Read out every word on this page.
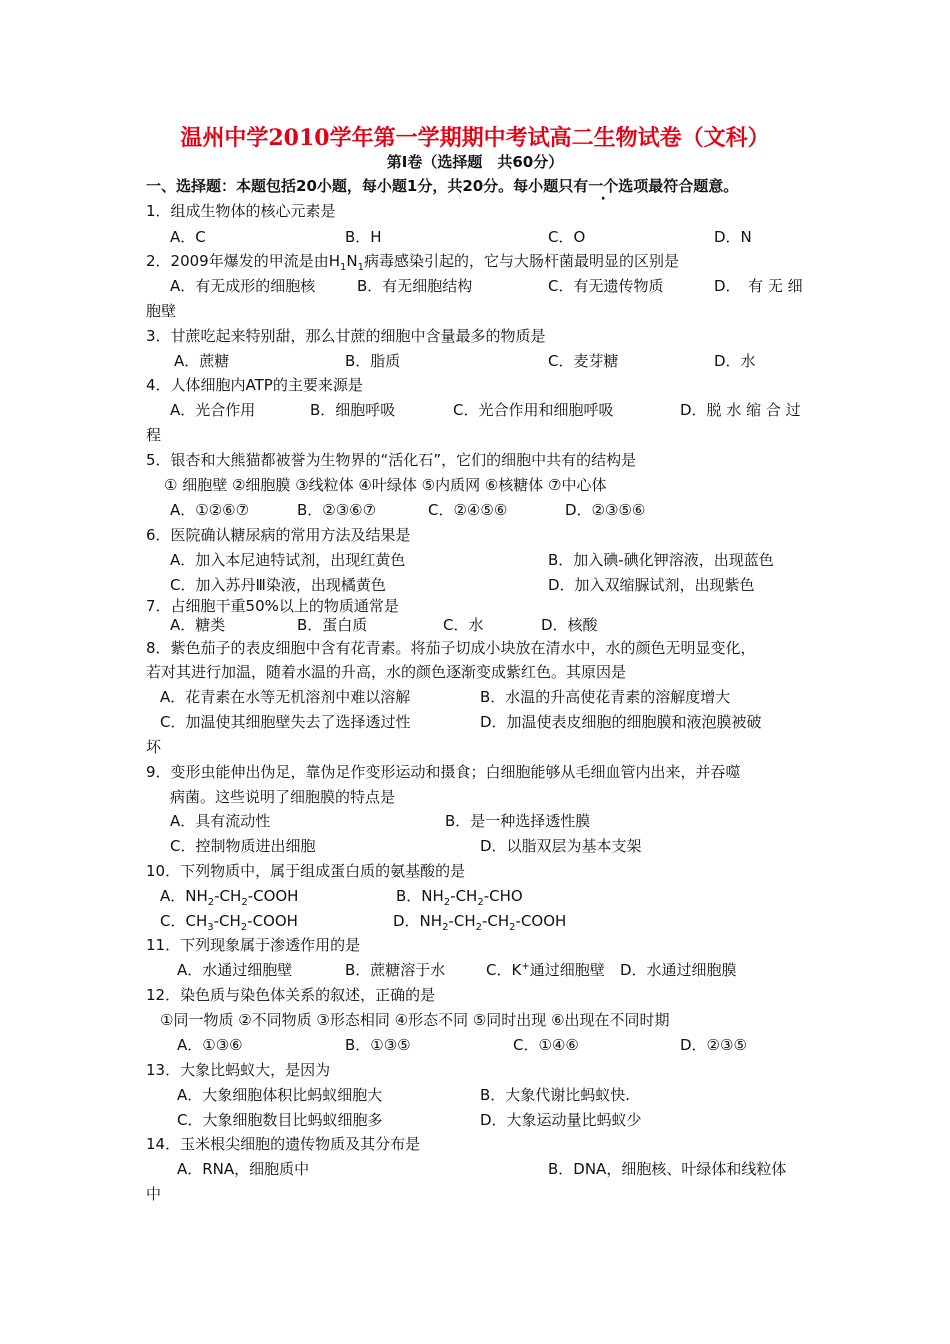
温州中学2010学年第一学期期中考试高二生物试卷（文科）
第Ⅰ卷（选择题　共60分）
一、选择题：本题包括20小题，每小题1分，共20分。每小题只有一个选项最符合题意。
1．组成生物体的核心元素是
A．C	B．H	C．O	D．N
2．2009年爆发的甲流是由$H_1N_1$病毒感染引起的，它与大肠杆菌最明显的区别是
A．有无成形的细胞核	B．有无细胞结构	C．有无遗传物质	D．　有 无 细
胞壁
3．甘蔗吃起来特别甜，那么甘蔗的细胞中含量最多的物质是
A．蔗糖	B．脂质	C．麦芽糖	D．水
4．人体细胞内ATP的主要来源是
A．光合作用	B．细胞呼吸	C．光合作用和细胞呼吸	D．脱 水 缩 合 过
程
5．银杏和大熊猫都被誉为生物界的“活化石”，它们的细胞中共有的结构是
① 细胞壁 ②细胞膜 ③线粒体 ④叶绿体 ⑤内质网 ⑥核糖体 ⑦中心体
A．①②⑥⑦	B．②③⑥⑦	C．②④⑤⑥	D．②③⑤⑥
6．医院确认糖尿病的常用方法及结果是
A．加入本尼迪特试剂，出现红黄色	B．加入碘-碘化钾溶液，出现蓝色
C．加入苏丹Ⅲ染液，出现橘黄色	D．加入双缩脲试剂，出现紫色
7．占细胞干重50%以上的物质通常是
A．糖类	B．蛋白质	C．水	D．核酸
8．紫色茄子的表皮细胞中含有花青素。将茄子切成小块放在清水中，水的颜色无明显变化，
若对其进行加温，随着水温的升高，水的颜色逐渐变成紫红色。其原因是
A．花青素在水等无机溶剂中难以溶解	B．水温的升高使花青素的溶解度增大
C．加温使其细胞壁失去了选择透过性	D．加温使表皮细胞的细胞膜和液泡膜被破
坏
9．变形虫能伸出伪足，靠伪足作变形运动和摄食；白细胞能够从毛细血管内出来，并吞噬
病菌。这些说明了细胞膜的特点是
A．具有流动性	B．是一种选择透性膜
C．控制物质进出细胞	D．以脂双层为基本支架
10．下列物质中，属于组成蛋白质的氨基酸的是
A．$NH_2-CH_2$-COOH	B．$NH_2-CH_2$-CHO
C．$CH_3-CH_2$-COOH	D．$NH_2-CH_2-CH_2$-COOH
11．下列现象属于渗透作用的是
A．水通过细胞壁	B．蔗糖溶于水	C．K+通过细胞壁 D．水通过细胞膜
12．染色质与染色体关系的叙述，正确的是
①同一物质 ②不同物质 ③形态相同 ④形态不同 ⑤同时出现 ⑥出现在不同时期
A．①③⑥	B．①③⑤	C．①④⑥	D．②③⑤
13．大象比蚂蚁大，是因为
A．大象细胞体积比蚂蚁细胞大	B．大象代谢比蚂蚁快.
C．大象细胞数目比蚂蚁细胞多	D．大象运动量比蚂蚁少
14．玉米根尖细胞的遗传物质及其分布是
A．RNA，细胞质中	B．DNA，细胞核、叶绿体和线粒体
中
